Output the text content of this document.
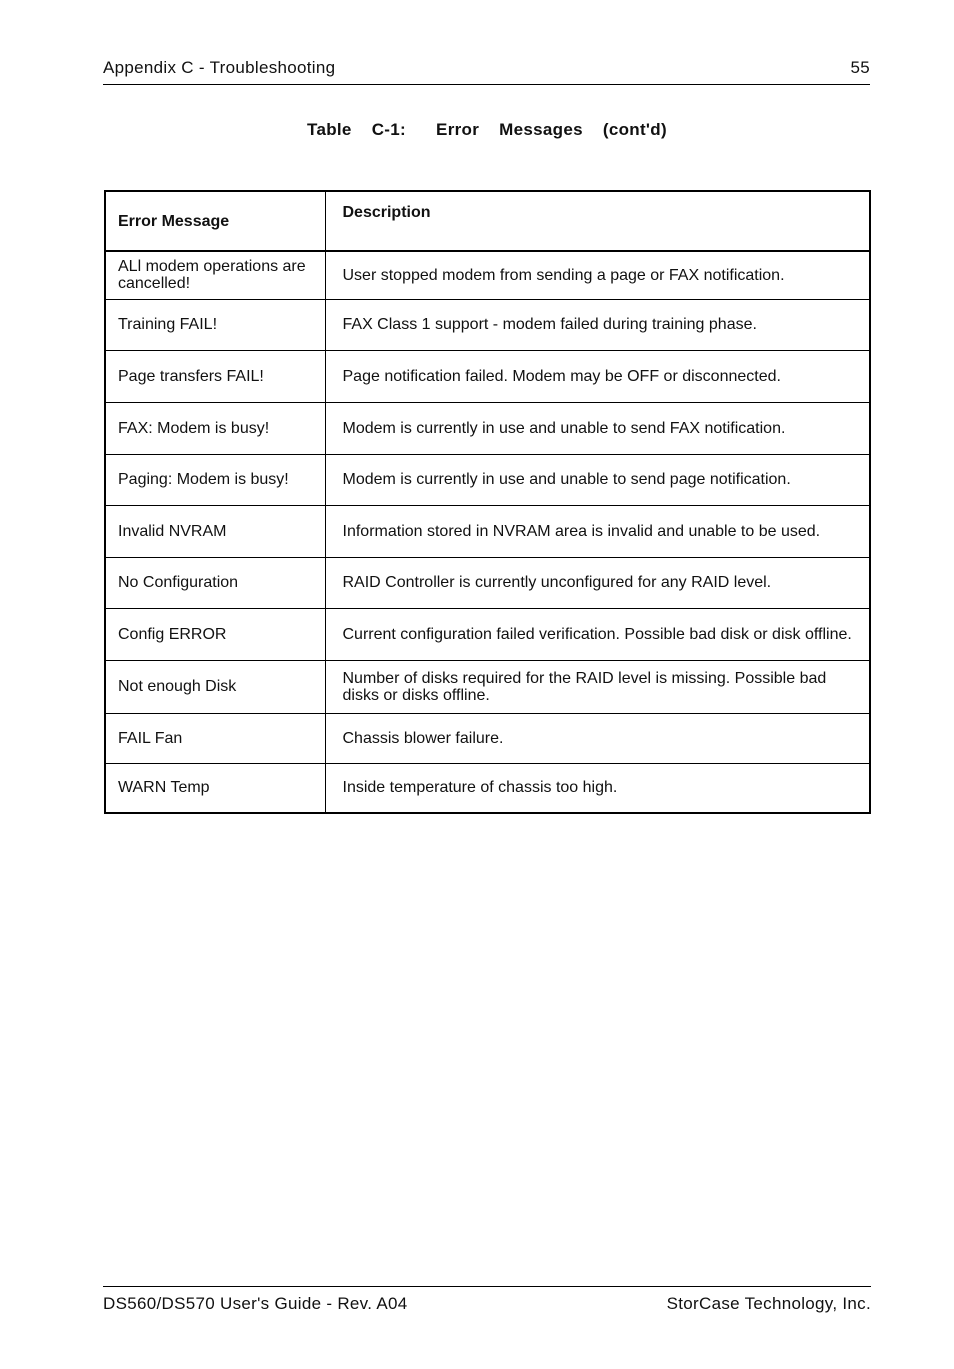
Appendix C - Troubleshooting	55
Table  C-1:   Error  Messages  (cont'd)
Error Message	Description
ALl modem operations are cancelled!	User stopped modem from sending a page or FAX notification.
Training FAIL!	FAX Class 1 support - modem failed during training phase.
Page transfers FAIL!	Page notification failed. Modem may be OFF or disconnected.
FAX: Modem is busy!	Modem is currently in use and unable to send FAX notification.
Paging: Modem is busy!	Modem is currently in use and unable to send page notification.
Invalid NVRAM	Information stored in NVRAM area is invalid and unable to be used.
No Configuration	RAID Controller is currently unconfigured for any RAID level.
Config ERROR	Current configuration failed verification. Possible bad disk or disk offline.
Not enough Disk	Number of disks required for the RAID level is missing. Possible bad disks or disks offline.
FAIL Fan	Chassis blower failure.
WARN Temp	Inside temperature of chassis too high.
DS560/DS570 User's Guide - Rev. A04	StorCase Technology, Inc.
